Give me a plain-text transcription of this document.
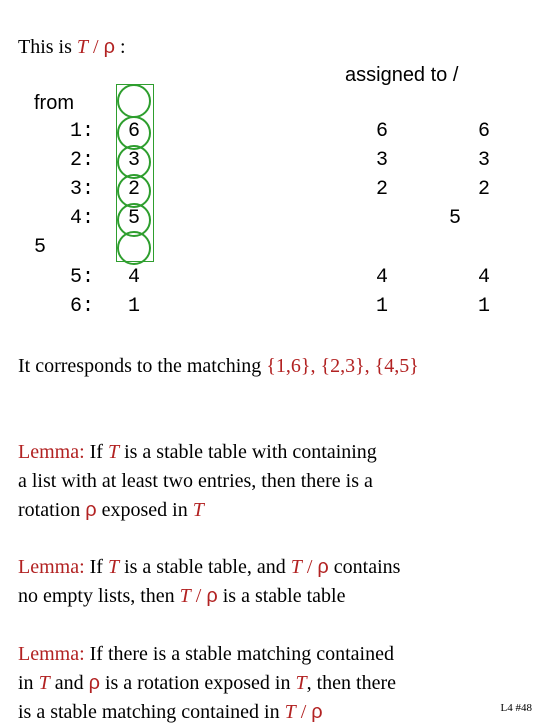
This is T / ρ :
assigned to /
from
1:
2:
3:
4:
5:
6:
6
3
2
5
4
1
6
3
2
4
1
6
3
2
4
1
5
5
It corresponds to the matching {1,6}, {2,3}, {4,5}
Lemma: If T is a stable table with containing
a list with at least two entries, then there is a
rotation ρ exposed in T
Lemma: If T is a stable table, and T / ρ contains
no empty lists, then T / ρ is a stable table
Lemma: If there is a stable matching contained
in T and ρ is a rotation exposed in T, then there
is a stable matching contained in T / ρ	L4 #48
